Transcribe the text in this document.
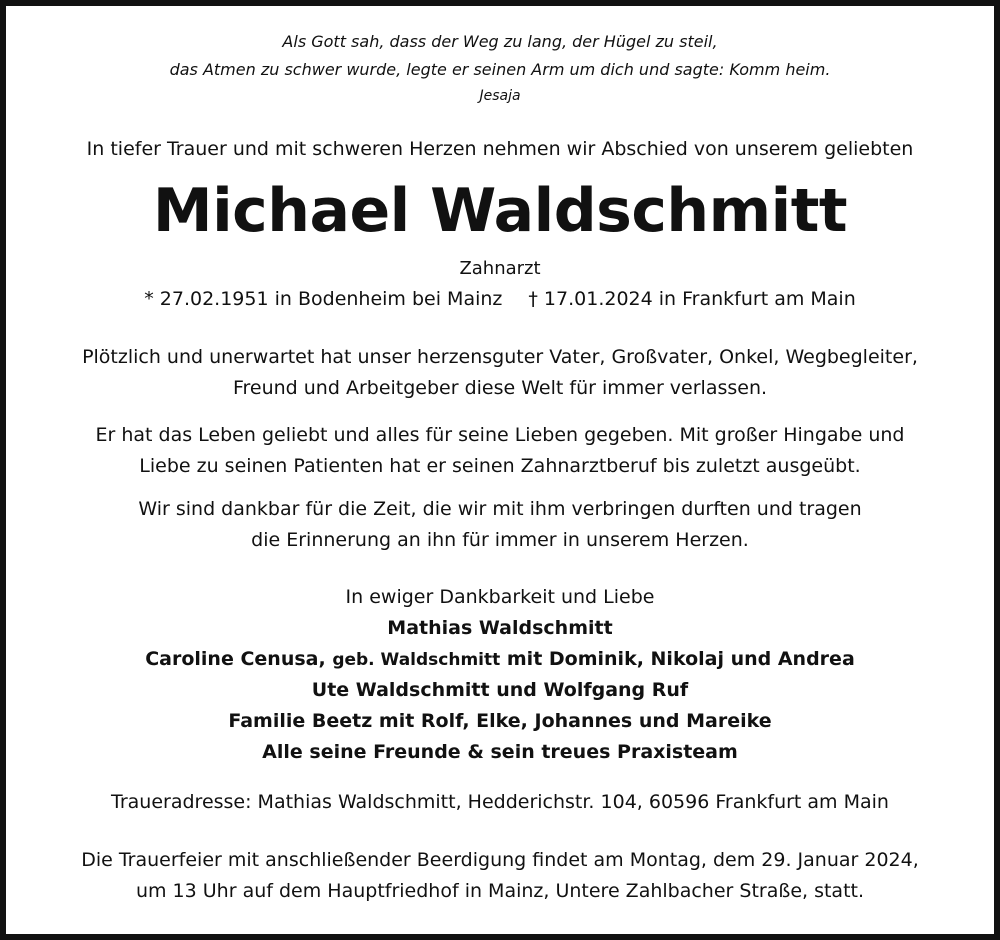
Als Gott sah, dass der Weg zu lang, der Hügel zu steil,
das Atmen zu schwer wurde, legte er seinen Arm um dich und sagte: Komm heim.
Jesaja
In tiefer Trauer und mit schweren Herzen nehmen wir Abschied von unserem geliebten
Michael Waldschmitt
Zahnarzt
* 27.02.1951 in Bodenheim bei Mainz † 17.01.2024 in Frankfurt am Main
Plötzlich und unerwartet hat unser herzensguter Vater, Großvater, Onkel, Wegbegleiter,
Freund und Arbeitgeber diese Welt für immer verlassen.
Er hat das Leben geliebt und alles für seine Lieben gegeben. Mit großer Hingabe und
Liebe zu seinen Patienten hat er seinen Zahnarztberuf bis zuletzt ausgeübt.
Wir sind dankbar für die Zeit, die wir mit ihm verbringen durften und tragen
die Erinnerung an ihn für immer in unserem Herzen.
In ewiger Dankbarkeit und Liebe
Mathias Waldschmitt
Caroline Cenusa, geb. Waldschmitt mit Dominik, Nikolaj und Andrea
Ute Waldschmitt und Wolfgang Ruf
Familie Beetz mit Rolf, Elke, Johannes und Mareike
Alle seine Freunde & sein treues Praxisteam
Traueradresse: Mathias Waldschmitt, Hedderichstr. 104, 60596 Frankfurt am Main
Die Trauerfeier mit anschließender Beerdigung findet am Montag, dem 29. Januar 2024,
um 13 Uhr auf dem Hauptfriedhof in Mainz, Untere Zahlbacher Straße, statt.
